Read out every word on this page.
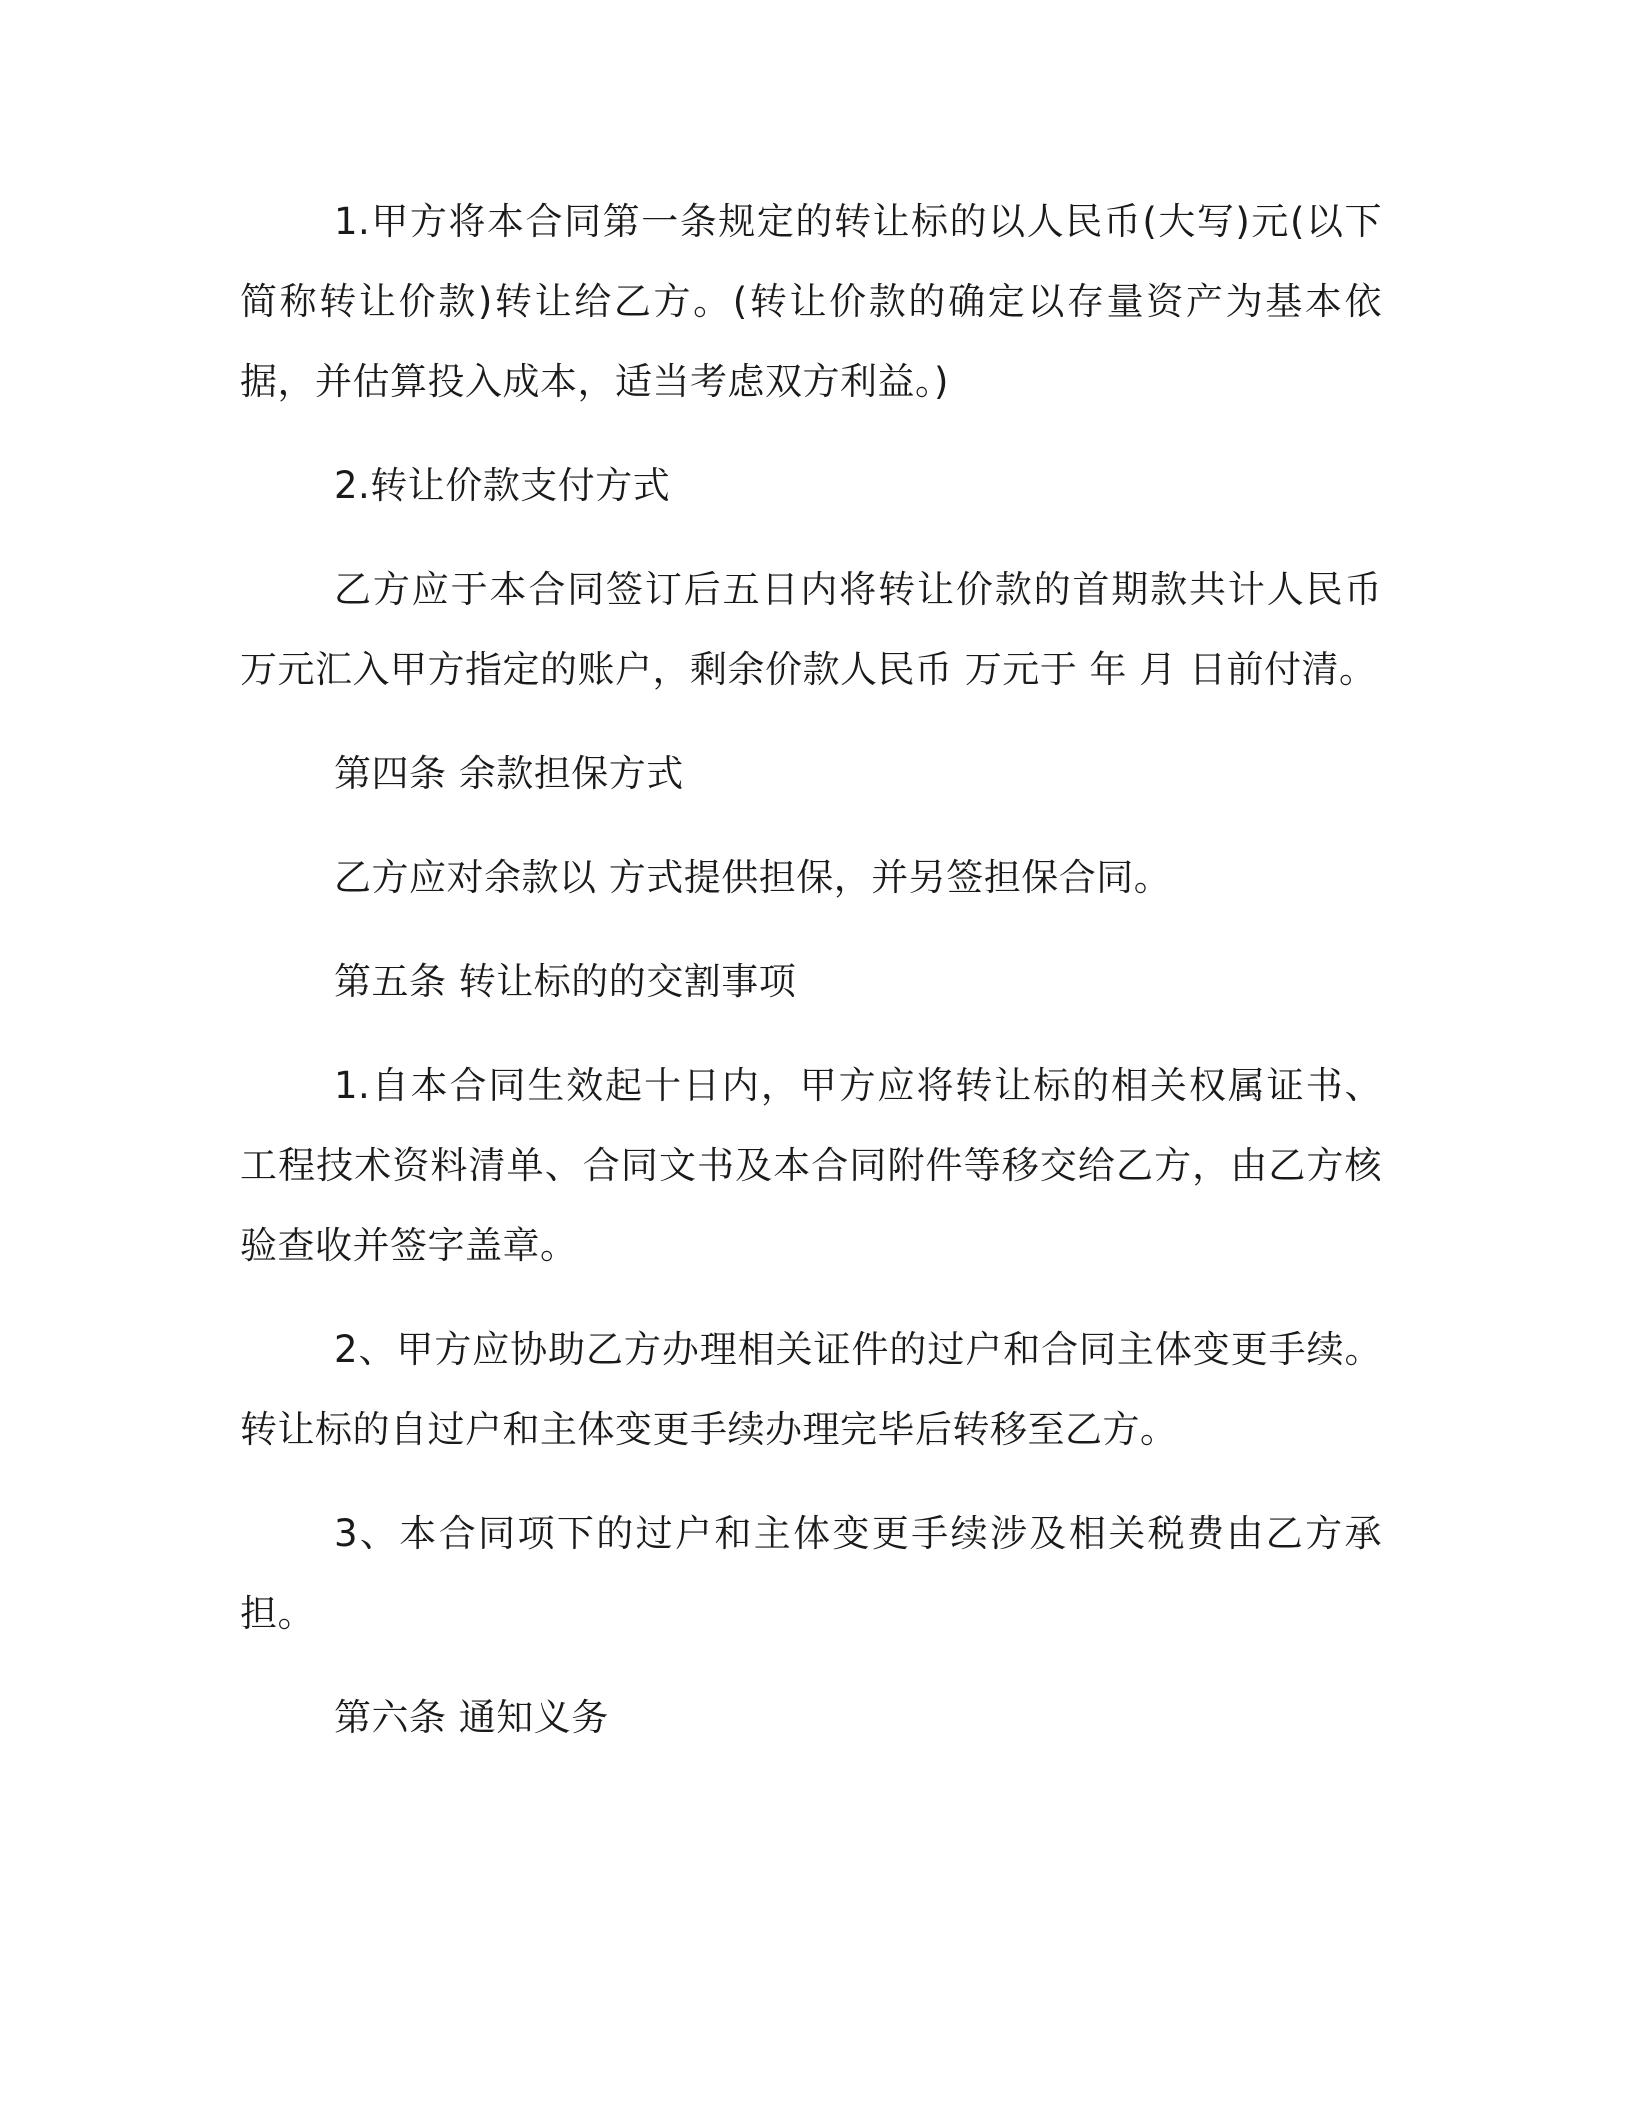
1.甲方将本合同第一条规定的转让标的以人民币(大写)元(以下简称转让价款)转让给乙方。(转让价款的确定以存量资产为基本依据，并估算投入成本，适当考虑双方利益。)

2.转让价款支付方式

乙方应于本合同签订后五日内将转让价款的首期款共计人民币万元汇入甲方指定的账户，剩余价款人民币 万元于 年 月 日前付清。

第四条 余款担保方式

乙方应对余款以 方式提供担保，并另签担保合同。

第五条 转让标的的交割事项

1.自本合同生效起十日内，甲方应将转让标的相关权属证书、工程技术资料清单、合同文书及本合同附件等移交给乙方，由乙方核验查收并签字盖章。

2、甲方应协助乙方办理相关证件的过户和合同主体变更手续。转让标的自过户和主体变更手续办理完毕后转移至乙方。

3、本合同项下的过户和主体变更手续涉及相关税费由乙方承担。

第六条 通知义务
